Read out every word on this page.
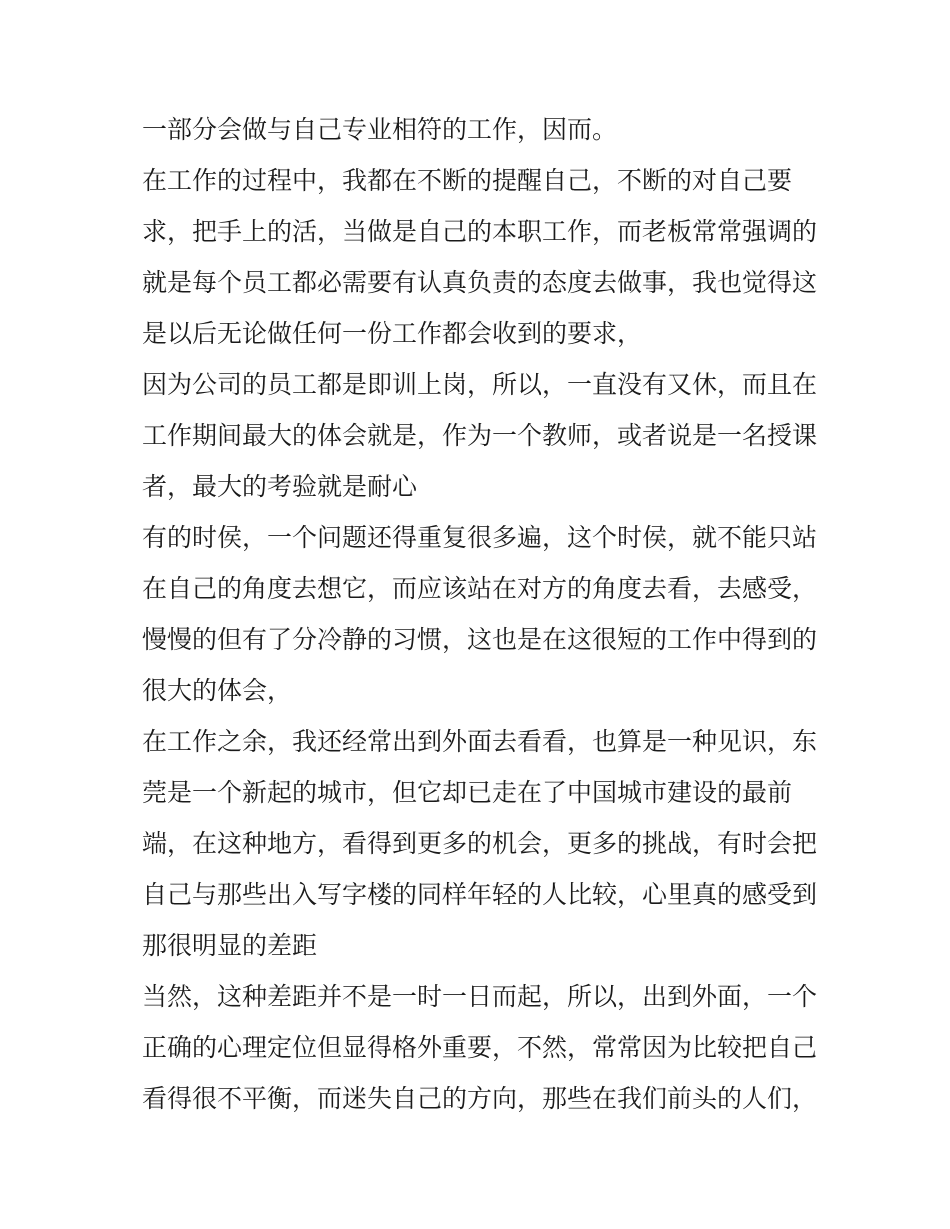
一部分会做与自己专业相符的工作，因而。
在工作的过程中，我都在不断的提醒自己，不断的对自己要
求，把手上的活，当做是自己的本职工作，而老板常常强调的
就是每个员工都必需要有认真负责的态度去做事，我也觉得这
是以后无论做任何一份工作都会收到的要求，
因为公司的员工都是即训上岗，所以，一直没有又休，而且在
工作期间最大的体会就是，作为一个教师，或者说是一名授课
者，最大的考验就是耐心
有的时侯，一个问题还得重复很多遍，这个时侯，就不能只站
在自己的角度去想它，而应该站在对方的角度去看，去感受，
慢慢的但有了分冷静的习惯，这也是在这很短的工作中得到的
很大的体会，
在工作之余，我还经常出到外面去看看，也算是一种见识，东
莞是一个新起的城市，但它却已走在了中国城市建设的最前
端，在这种地方，看得到更多的机会，更多的挑战，有时会把
自己与那些出入写字楼的同样年轻的人比较，心里真的感受到
那很明显的差距
当然，这种差距并不是一时一日而起，所以，出到外面，一个
正确的心理定位但显得格外重要，不然，常常因为比较把自己
看得很不平衡，而迷失自己的方向，那些在我们前头的人们，
